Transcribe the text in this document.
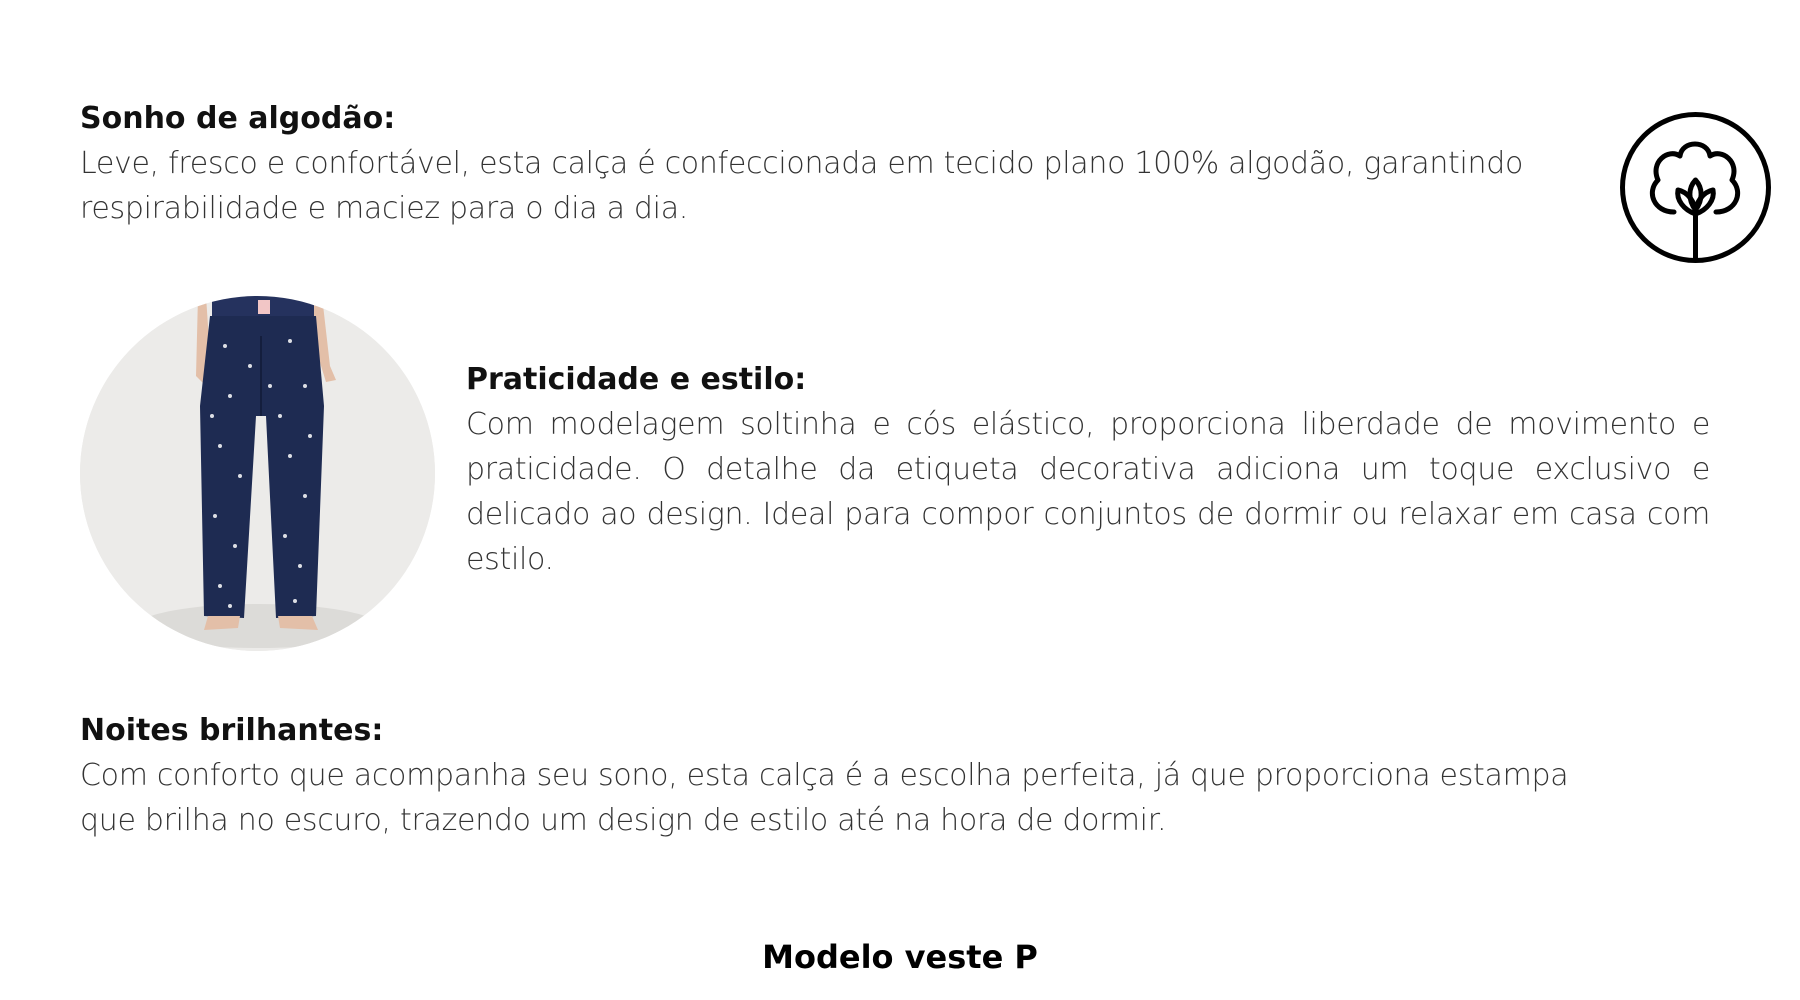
Sonho de algodão:

Leve, fresco e confortável, esta calça é confeccionada em tecido plano 100% algodão, garantindo respirabilidade e maciez para o dia a dia.

Praticidade e estilo:

Com modelagem soltinha e cós elástico, proporciona liberdade de movimento e praticidade. O detalhe da etiqueta decorativa adiciona um toque exclusivo e delicado ao design. Ideal para compor conjuntos de dormir ou relaxar em casa com estilo.

Noites brilhantes:

Com conforto que acompanha seu sono, esta calça é a escolha perfeita, já que proporciona estampa que brilha no escuro, trazendo um design de estilo até na hora de dormir.

Modelo veste P
